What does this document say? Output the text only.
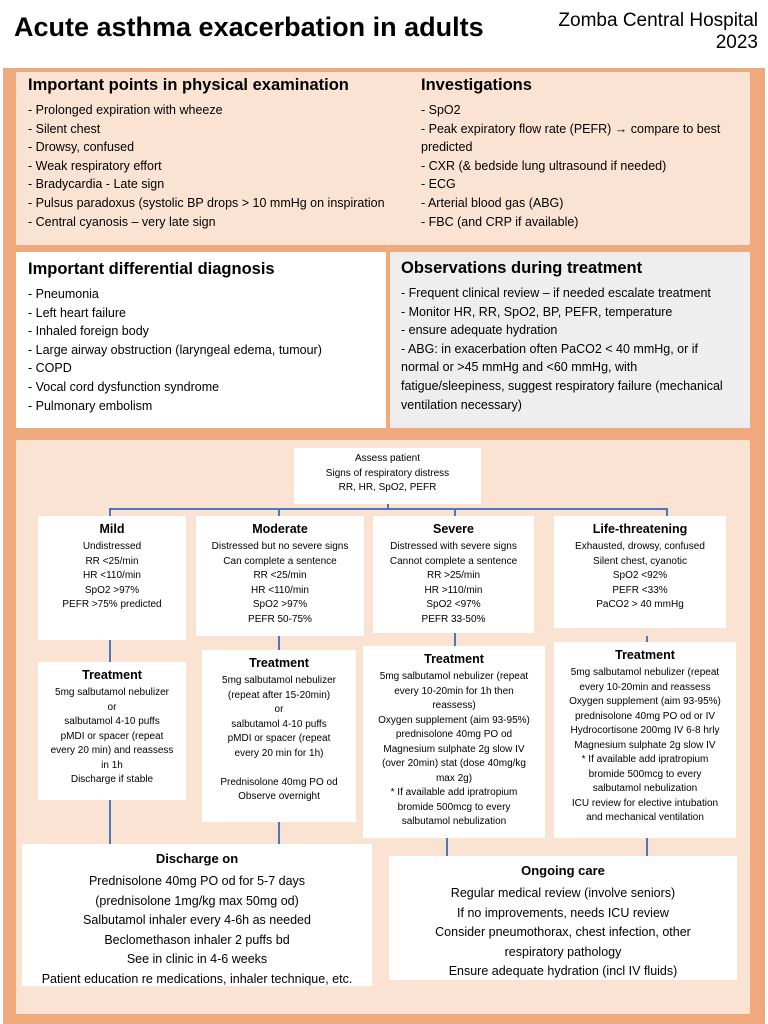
Acute asthma exacerbation in adults	Zomba Central Hospital
2023
Important points in physical examination
- Prolonged expiration with wheeze
- Silent chest
- Drowsy, confused
- Weak respiratory effort
- Bradycardia - Late sign
- Pulsus paradoxus (systolic BP drops > 10 mmHg on inspiration
- Central cyanosis – very late sign
Investigations
- SpO2
- Peak expiratory flow rate (PEFR) → compare to best
predicted
- CXR (& bedside lung ultrasound if needed)
- ECG
- Arterial blood gas (ABG)
- FBC (and CRP if available)
Important differential diagnosis
- Pneumonia
- Left heart failure
- Inhaled foreign body
- Large airway obstruction (laryngeal edema, tumour)
- COPD
- Vocal cord dysfunction syndrome
- Pulmonary embolism
Observations during treatment
- Frequent clinical review – if needed escalate treatment
- Monitor HR, RR, SpO2, BP, PEFR, temperature
- ensure adequate hydration
- ABG: in exacerbation often PaCO2 < 40 mmHg, or if
normal or >45 mmHg and <60 mmHg, with
fatigue/sleepiness, suggest respiratory failure (mechanical
ventilation necessary)
Assess patient
Signs of respiratory distress
RR, HR, SpO2, PEFR
Mild
Undistressed
RR <25/min
HR <110/min
SpO2 >97%
PEFR >75% predicted
Moderate
Distressed but no severe signs
Can complete a sentence
RR <25/min
HR <110/min
SpO2 >97%
PEFR 50-75%
Severe
Distressed with severe signs
Cannot complete a sentence
RR >25/min
HR >110/min
SpO2 <97%
PEFR 33-50%
Life-threatening
Exhausted, drowsy, confused
Silent chest, cyanotic
SpO2 <92%
PEFR <33%
PaCO2 > 40 mmHg
Treatment
5mg salbutamol nebulizer
or
salbutamol 4-10 puffs
pMDI or spacer (repeat
every 20 min) and reassess
in 1h
Discharge if stable
Treatment
5mg salbutamol nebulizer
(repeat after 15-20min)
or
salbutamol 4-10 puffs
pMDI or spacer (repeat
every 20 min for 1h)

Prednisolone 40mg PO od
Observe overnight
Treatment
5mg salbutamol nebulizer (repeat
every 10-20min for 1h then
reassess)
Oxygen supplement (aim 93-95%)
prednisolone 40mg PO od
Magnesium sulphate 2g slow IV
(over 20min) stat (dose 40mg/kg
max 2g)
* If available add ipratropium
bromide 500mcg to every
salbutamol nebulization
Treatment
5mg salbutamol nebulizer (repeat
every 10-20min and reassess
Oxygen supplement (aim 93-95%)
prednisolone 40mg PO od or IV
Hydrocortisone 200mg IV 6-8 hrly
Magnesium sulphate 2g slow IV
* If available add ipratropium
bromide 500mcg to every
salbutamol nebulization
ICU review for elective intubation
and mechanical ventilation
Discharge on
Prednisolone 40mg PO od for 5-7 days
(prednisolone 1mg/kg max 50mg od)
Salbutamol inhaler every 4-6h as needed
Beclomethason inhaler 2 puffs bd
See in clinic in 4-6 weeks
Patient education re medications, inhaler technique, etc.
Ongoing care
Regular medical review (involve seniors)
If no improvements, needs ICU review
Consider pneumothorax, chest infection, other
respiratory pathology
Ensure adequate hydration (incl IV fluids)
